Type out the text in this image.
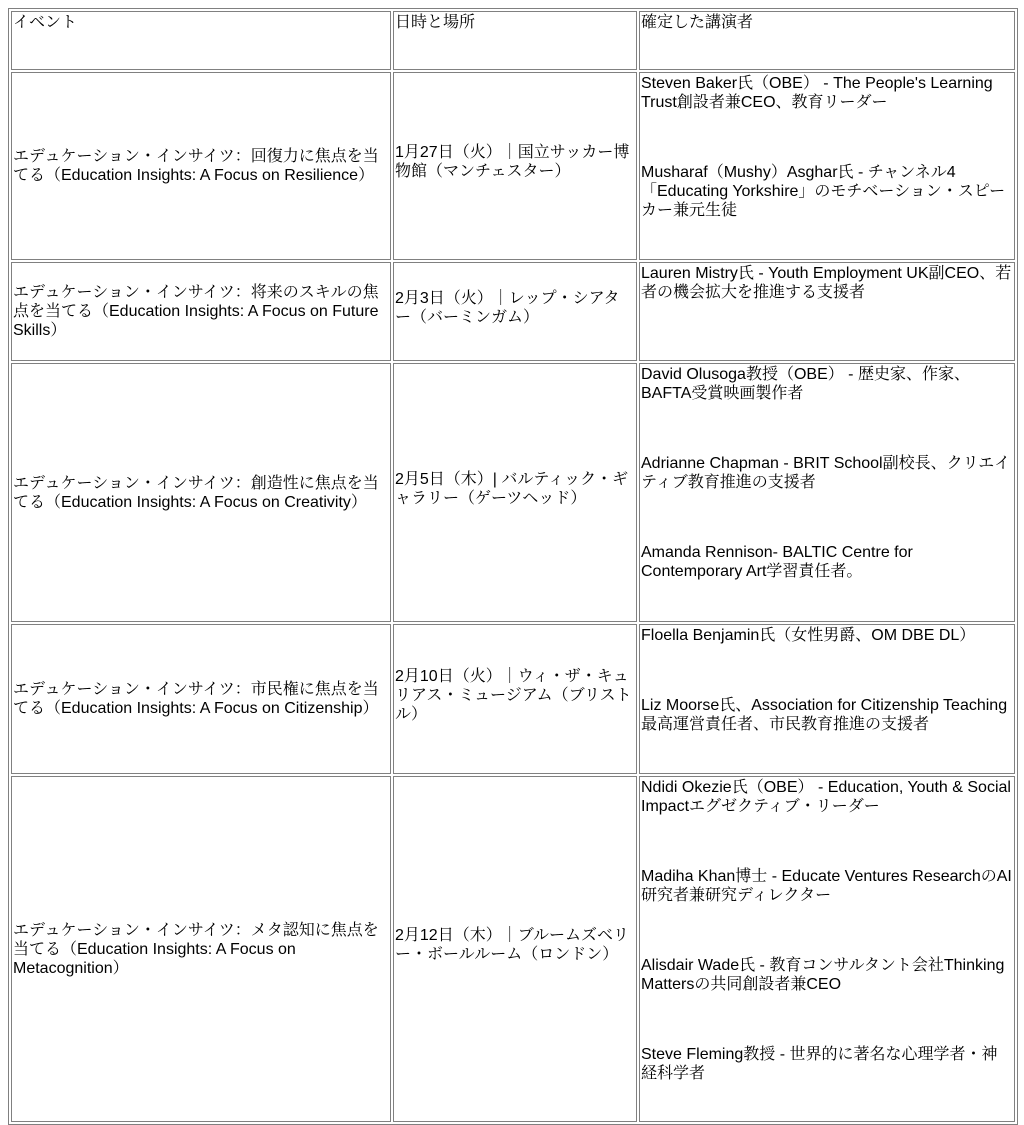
イベント	日時と場所	確定した講演者
エデュケーション・インサイツ：回復力に焦点を当てる（Education Insights: A Focus on Resilience）	1月27日（火）｜国立サッカー博物館（マンチェスター）	Steven Baker氏（OBE） - The People's Learning Trust創設者兼CEO、教育リーダー
Musharaf（Mushy）Asghar氏 - チャンネル4「Educating Yorkshire」のモチベーション・スピーカー兼元生徒

エデュケーション・インサイツ：将来のスキルの焦点を当てる（Education Insights: A Focus on Future Skills）	2月3日（火）｜レップ・シアター（バーミンガム）	Lauren Mistry氏 - Youth Employment UK副CEO、若者の機会拡大を推進する支援者

エデュケーション・インサイツ：創造性に焦点を当てる（Education Insights: A Focus on Creativity）	2月5日（木）| バルティック・ギャラリー（ゲーツヘッド）	David Olusoga教授（OBE） - 歴史家、作家、BAFTA受賞映画製作者
Adrianne Chapman - BRIT School副校長、クリエイティブ教育推進の支援者
Amanda Rennison- BALTIC Centre for Contemporary Art学習責任者。

エデュケーション・インサイツ：市民権に焦点を当てる（Education Insights: A Focus on Citizenship）	2月10日（火）｜ウィ・ザ・キュリアス・ミュージアム（ブリストル）	Floella Benjamin氏（女性男爵、OM DBE DL）
Liz Moorse氏、Association for Citizenship Teaching最高運営責任者、市民教育推進の支援者

エデュケーション・インサイツ：メタ認知に焦点を当てる（Education Insights: A Focus on Metacognition）	2月12日（木）｜ブルームズベリー・ボールルーム（ロンドン）	Ndidi Okezie氏（OBE） - Education, Youth & Social Impactエグゼクティブ・リーダー
Madiha Khan博士 - Educate Ventures ResearchのAI研究者兼研究ディレクター
Alisdair Wade氏 - 教育コンサルタント会社Thinking Mattersの共同創設者兼CEO
Steve Fleming教授 - 世界的に著名な心理学者・神経科学者
